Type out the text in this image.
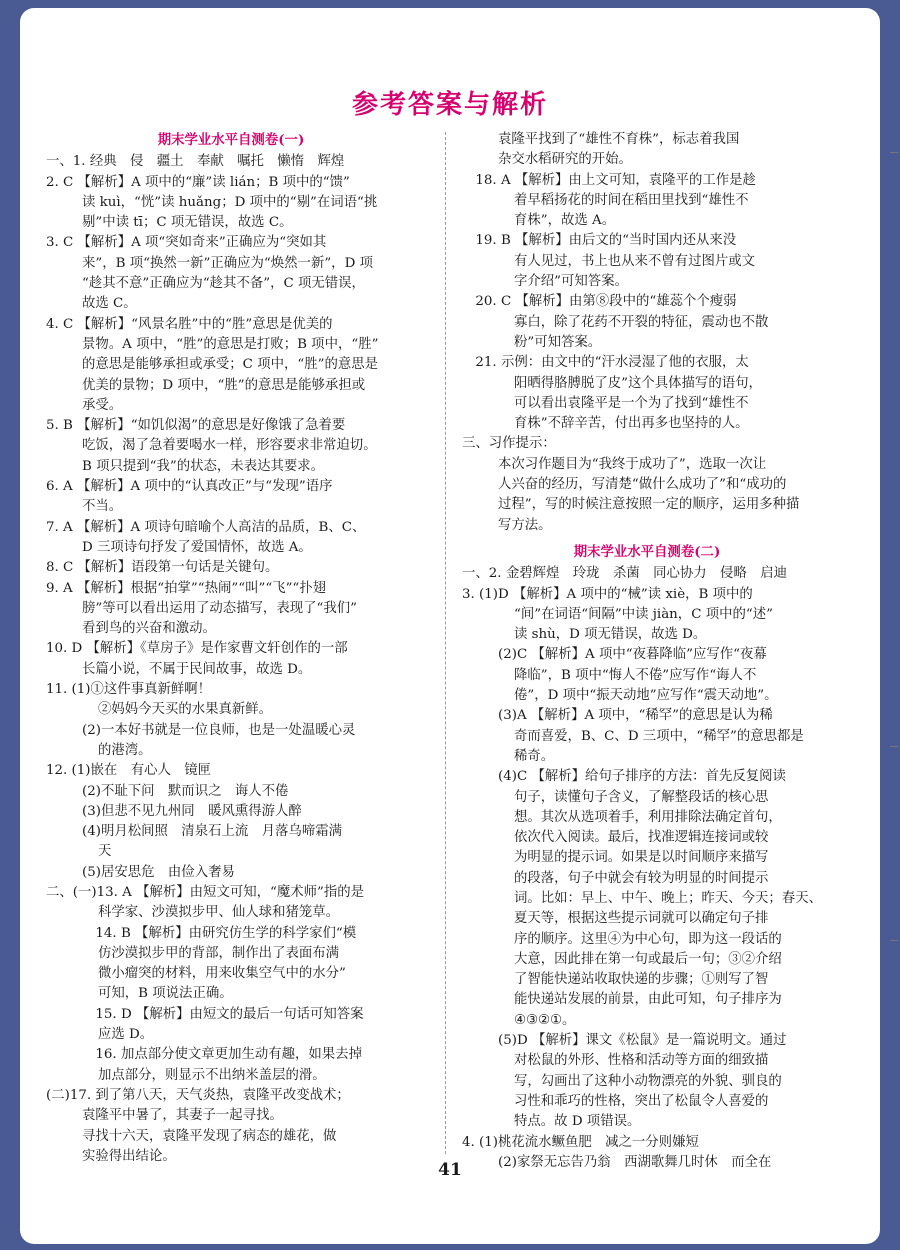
参考答案与解析
期末学业水平自测卷(一)
一、1. 经典　侵　疆土　奉献　嘱托　懒惰　辉煌
2. C 【解析】A 项中的“廉”读 lián；B 项中的“馈”
读 kuì，“恍”读 huǎng；D 项中的“剔”在词语“挑
剔”中读 tī；C 项无错误，故选 C。
3. C 【解析】A 项“突如奇来”正确应为“突如其
来”，B 项“换然一新”正确应为“焕然一新”，D 项
“趁其不意”正确应为“趁其不备”，C 项无错误，
故选 C。
4. C 【解析】“风景名胜”中的“胜”意思是优美的
景物。A 项中，“胜”的意思是打败；B 项中，“胜”
的意思是能够承担或承受；C 项中，“胜”的意思是
优美的景物；D 项中，“胜”的意思是能够承担或
承受。
5. B 【解析】“如饥似渴”的意思是好像饿了急着要
吃饭，渴了急着要喝水一样，形容要求非常迫切。
B 项只提到“我”的状态，未表达其要求。
6. A 【解析】A 项中的“认真改正”与“发现”语序
不当。
7. A 【解析】A 项诗句暗喻个人高洁的品质，B、C、
D 三项诗句抒发了爱国情怀，故选 A。
8. C 【解析】语段第一句话是关键句。
9. A 【解析】根据“拍掌”“热闹”“叫”“飞”“扑翅
膀”等可以看出运用了动态描写，表现了“我们”
看到鸟的兴奋和激动。
10. D 【解析】《草房子》是作家曹文轩创作的一部
长篇小说，不属于民间故事，故选 D。
11. (1)①这件事真新鲜啊！
②妈妈今天买的水果真新鲜。
(2)一本好书就是一位良师，也是一处温暖心灵
的港湾。
12. (1)嵌在　有心人　镜匣
(2)不耻下问　默而识之　诲人不倦
(3)但悲不见九州同　暖风熏得游人醉
(4)明月松间照　清泉石上流　月落乌啼霜满
天
(5)居安思危　由俭入奢易
二、(一)13. A 【解析】由短文可知，“魔术师”指的是
科学家、沙漠拟步甲、仙人球和猪笼草。
　14. B 【解析】由研究仿生学的科学家们“模
仿沙漠拟步甲的背部，制作出了表面布满
微小瘤突的材料，用来收集空气中的水分”
可知，B 项说法正确。
　15. D 【解析】由短文的最后一句话可知答案
应选 D。
　16. 加点部分使文章更加生动有趣，如果去掉
加点部分，则显示不出纳米盖层的滑。
(二)17. 到了第八天，天气炎热，袁隆平改变战术；
袁隆平中暑了，其妻子一起寻找。
寻找十六天，袁隆平发现了病态的雄花，做
实验得出结论。
袁隆平找到了“雄性不育株”，标志着我国
杂交水稻研究的开始。
　18. A 【解析】由上文可知，袁隆平的工作是趁
着早稻扬花的时间在稻田里找到“雄性不
育株”，故选 A。
　19. B 【解析】由后文的“当时国内还从来没
有人见过，书上也从来不曾有过图片或文
字介绍”可知答案。
　20. C 【解析】由第⑧段中的“雄蕊个个瘦弱
寡白，除了花药不开裂的特征，震动也不散
粉”可知答案。
　21. 示例：由文中的“汗水浸湿了他的衣服，太
阳晒得胳膊脱了皮”这个具体描写的语句，
可以看出袁隆平是一个为了找到“雄性不
育株”不辞辛苦，付出再多也坚持的人。
三、习作提示：
本次习作题目为“我终于成功了”，选取一次让
人兴奋的经历，写清楚“做什么成功了”和“成功的
过程”，写的时候注意按照一定的顺序，运用多种描
写方法。
期末学业水平自测卷(二)
一、2. 金碧辉煌　玲珑　杀菌　同心协力　侵略　启迪
3. (1)D 【解析】A 项中的“械”读 xiè，B 项中的
“间”在词语“间隔”中读 jiàn，C 项中的“述”
读 shù，D 项无错误，故选 D。
(2)C 【解析】A 项中“夜暮降临”应写作“夜幕
降临”，B 项中“悔人不倦”应写作“诲人不
倦”，D 项中“振天动地”应写作“震天动地”。
(3)A 【解析】A 项中，“稀罕”的意思是认为稀
奇而喜爱，B、C、D 三项中，“稀罕”的意思都是
稀奇。
(4)C 【解析】给句子排序的方法：首先反复阅读
句子，读懂句子含义，了解整段话的核心思
想。其次从选项着手，利用排除法确定首句，
依次代入阅读。最后，找准逻辑连接词或较
为明显的提示词。如果是以时间顺序来描写
的段落，句子中就会有较为明显的时间提示
词。比如：早上、中午、晚上；昨天、今天；春天、
夏天等，根据这些提示词就可以确定句子排
序的顺序。这里④为中心句，即为这一段话的
大意，因此排在第一句或最后一句；③②介绍
了智能快递站收取快递的步骤；①则写了智
能快递站发展的前景，由此可知，句子排序为
④③②①。
(5)D 【解析】课文《松鼠》是一篇说明文。通过
对松鼠的外形、性格和活动等方面的细致描
写，勾画出了这种小动物漂亮的外貌、驯良的
习性和乖巧的性格，突出了松鼠令人喜爱的
特点。故 D 项错误。
4. (1)桃花流水鳜鱼肥　减之一分则嫌短
(2)家祭无忘告乃翁　西湖歌舞几时休　而全在
41
